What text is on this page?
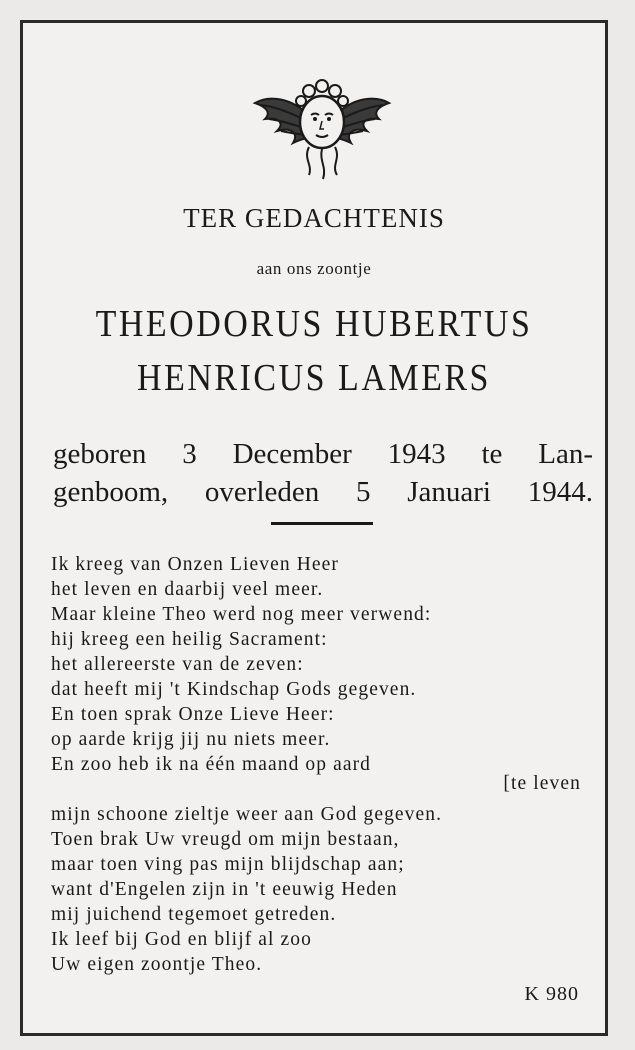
TER GEDACHTENIS
aan ons zoontje
THEODORUS HUBERTUS
HENRICUS LAMERS
geboren 3 December 1943 te Lan-
genboom, overleden 5 Januari 1944.
Ik kreeg van Onzen Lieven Heer
het leven en daarbij veel meer.
Maar kleine Theo werd nog meer verwend:
hij kreeg een heilig Sacrament:
het allereerste van de zeven:
dat heeft mij 't Kindschap Gods gegeven.
En toen sprak Onze Lieve Heer:
op aarde krijg jij nu niets meer.
En zoo heb ik na één maand op aard
mijn schoone zieltje weer aan God gegeven.
Toen brak Uw vreugd om mijn bestaan,
maar toen ving pas mijn blijdschap aan;
want d'Engelen zijn in 't eeuwig Heden
mij juichend tegemoet getreden.
Ik leef bij God en blijf al zoo
Uw eigen zoontje Theo.
[te leven
K 980
